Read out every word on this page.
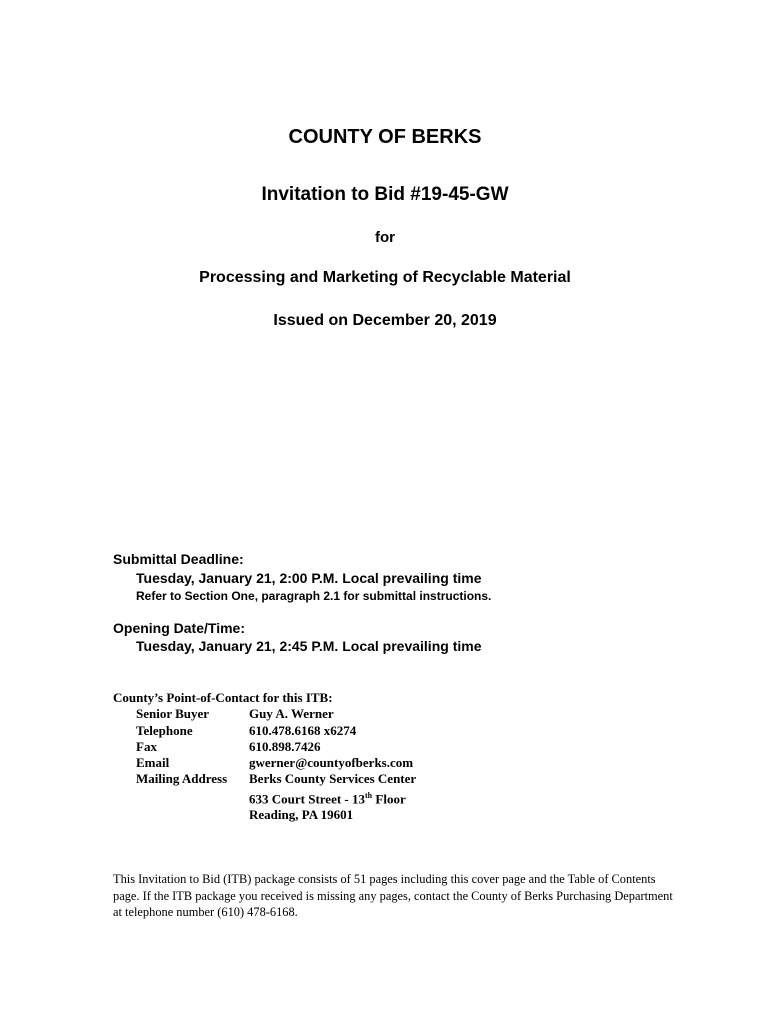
COUNTY OF BERKS
Invitation to Bid #19-45-GW
for
Processing and Marketing of Recyclable Material
Issued on December 20, 2019
Submittal Deadline:
Tuesday, January 21, 2:00 P.M. Local prevailing time
Refer to Section One, paragraph 2.1 for submittal instructions.
Opening Date/Time:
Tuesday, January 21, 2:45 P.M. Local prevailing time
County’s Point-of-Contact for this ITB:
Senior Buyer	Guy A. Werner
Telephone	610.478.6168 x6274
Fax	610.898.7426
Email	gwerner@countyofberks.com
Mailing Address	Berks County Services Center
633 Court Street - 13th Floor
Reading, PA 19601
This Invitation to Bid (ITB) package consists of 51 pages including this cover page and the Table of Contents page. If the ITB package you received is missing any pages, contact the County of Berks Purchasing Department at telephone number (610) 478-6168.
